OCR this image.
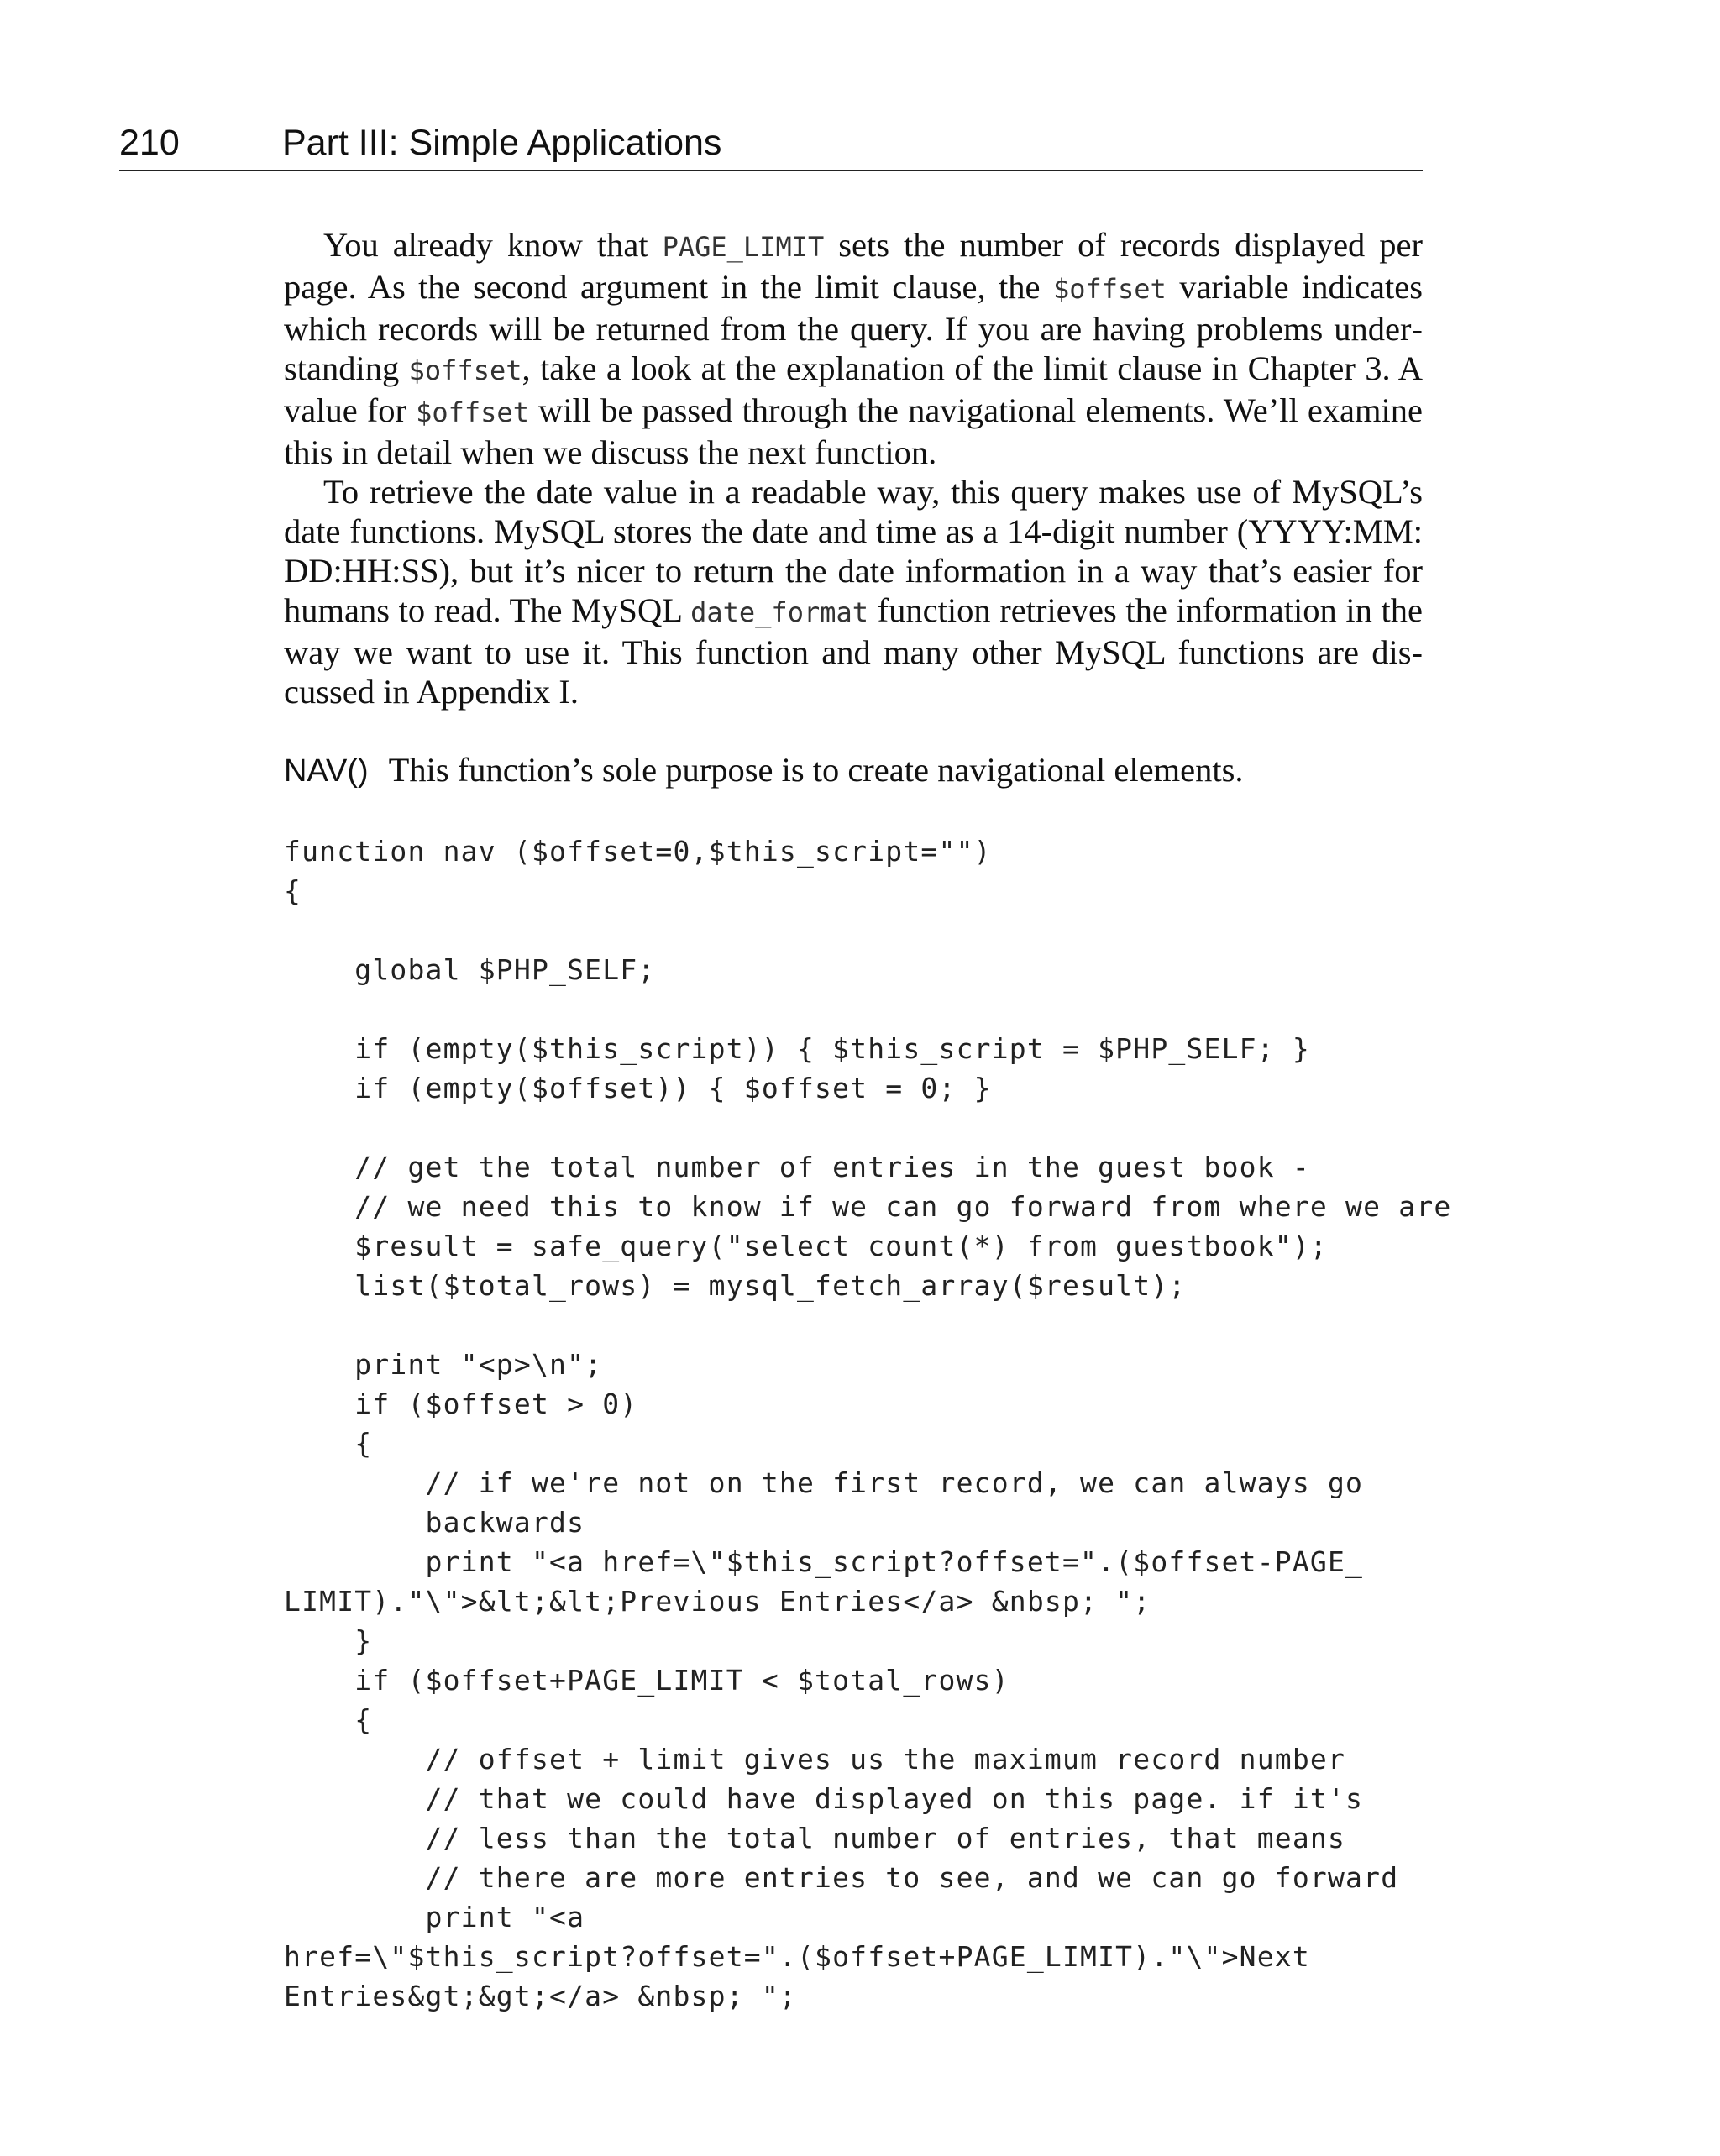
210	Part III: Simple Applications

You already know that PAGE_LIMIT sets the number of records displayed per page. As the second argument in the limit clause, the $offset variable indicates which records will be returned from the query. If you are having problems understanding $offset, take a look at the explanation of the limit clause in Chapter 3. A value for $offset will be passed through the navigational elements. We’ll examine this in detail when we discuss the next function.

To retrieve the date value in a readable way, this query makes use of MySQL’s date functions. MySQL stores the date and time as a 14-digit number (YYYY:MM:​DD:HH:SS), but it’s nicer to return the date information in a way that’s easier for humans to read. The MySQL date_format function retrieves the information in the way we want to use it. This function and many other MySQL functions are discussed in Appendix I.

NAV() This function’s sole purpose is to create navigational elements.
function nav ($offset=0,$this_script="")
{

global $PHP_SELF;

if (empty($this_script)) { $this_script = $PHP_SELF; }
if (empty($offset)) { $offset = 0; }

// get the total number of entries in the guest book -
// we need this to know if we can go forward from where we are
$result = safe_query("select count(*) from guestbook");
list($total_rows) = mysql_fetch_array($result);

print "<p>\n";
if ($offset > 0)
{
// if we're not on the first record, we can always go
backwards
print "<a href=\"$this_script?offset=".($offset-PAGE_
LIMIT)."\">&lt;&lt;Previous Entries</a> &nbsp; ";
}
if ($offset+PAGE_LIMIT < $total_rows)
{
// offset + limit gives us the maximum record number
// that we could have displayed on this page. if it's
// less than the total number of entries, that means
// there are more entries to see, and we can go forward
print "<a
href=\"$this_script?offset=".($offset+PAGE_LIMIT)."\">Next
Entries&gt;&gt;</a> &nbsp; ";
